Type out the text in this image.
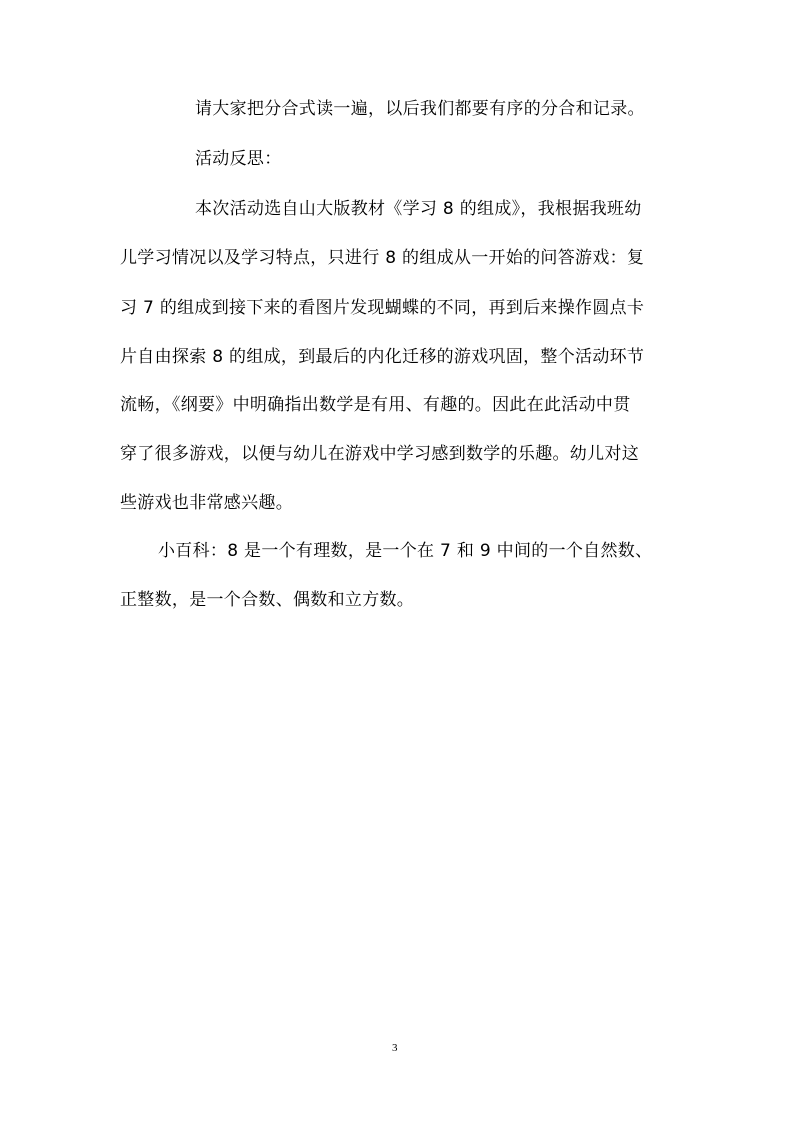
请大家把分合式读一遍，以后我们都要有序的分合和记录。
活动反思：
本次活动选自山大版教材《学习 8 的组成》，我根据我班幼
儿学习情况以及学习特点，只进行 8 的组成从一开始的问答游戏：复
习 7 的组成到接下来的看图片发现蝴蝶的不同，再到后来操作圆点卡
片自由探索 8 的组成，到最后的内化迁移的游戏巩固，整个活动环节
流畅，《纲要》中明确指出数学是有用、有趣的。因此在此活动中贯
穿了很多游戏，以便与幼儿在游戏中学习感到数学的乐趣。幼儿对这
些游戏也非常感兴趣。
小百科：8 是一个有理数，是一个在 7 和 9 中间的一个自然数、
正整数，是一个合数、偶数和立方数。
3
